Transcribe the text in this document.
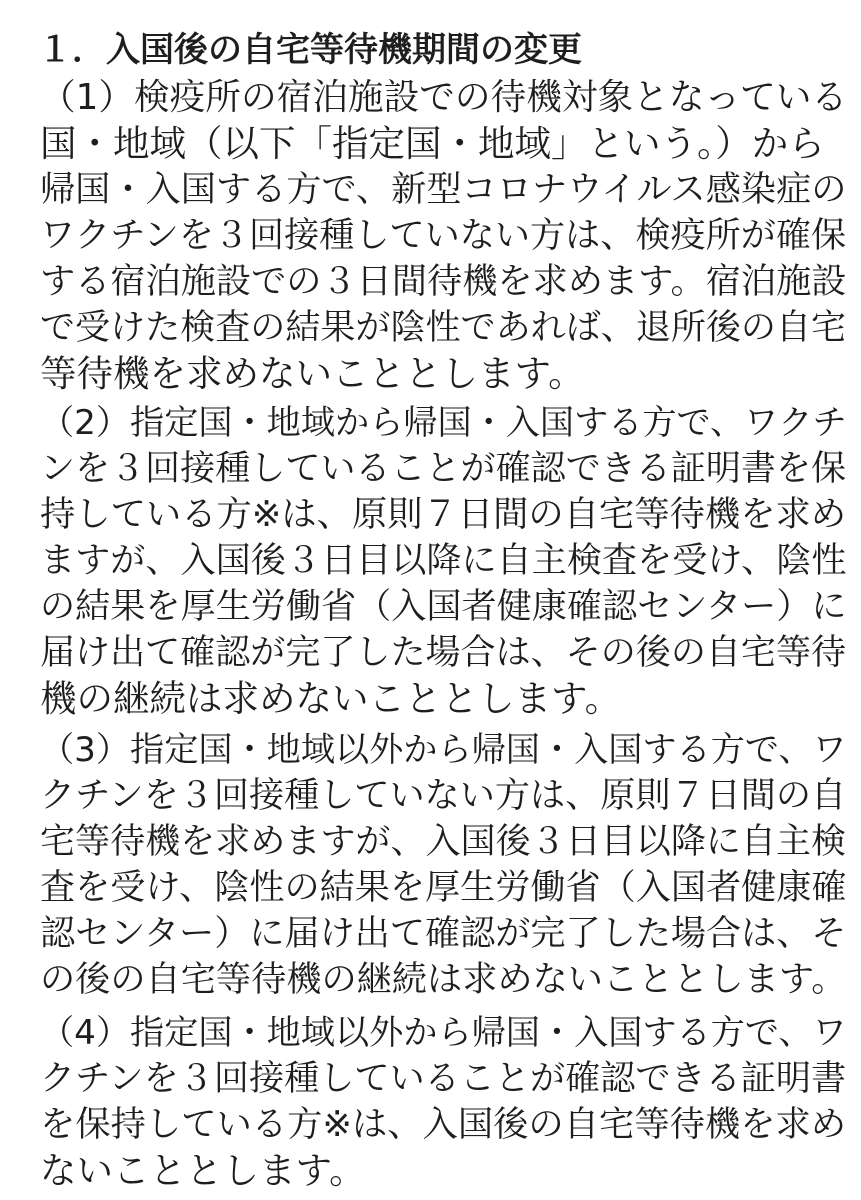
１．入国後の自宅等待機期間の変更
（1）検疫所の宿泊施設での待機対象となっている
国・地域（以下「指定国・地域」という。）から
帰国・入国する方で、新型コロナウイルス感染症の
ワクチンを３回接種していない方は、検疫所が確保
する宿泊施設での３日間待機を求めます。宿泊施設
で受けた検査の結果が陰性であれば、退所後の自宅
等待機を求めないこととします。
（2）指定国・地域から帰国・入国する方で、ワクチ
ンを３回接種していることが確認できる証明書を保
持している方※は、原則７日間の自宅等待機を求め
ますが、入国後３日目以降に自主検査を受け、陰性
の結果を厚生労働省（入国者健康確認センター）に
届け出て確認が完了した場合は、その後の自宅等待
機の継続は求めないこととします。
（3）指定国・地域以外から帰国・入国する方で、ワ
クチンを３回接種していない方は、原則７日間の自
宅等待機を求めますが、入国後３日目以降に自主検
査を受け、陰性の結果を厚生労働省（入国者健康確
認センター）に届け出て確認が完了した場合は、そ
の後の自宅等待機の継続は求めないこととします。
（4）指定国・地域以外から帰国・入国する方で、ワ
クチンを３回接種していることが確認できる証明書
を保持している方※は、入国後の自宅等待機を求め
ないこととします。
